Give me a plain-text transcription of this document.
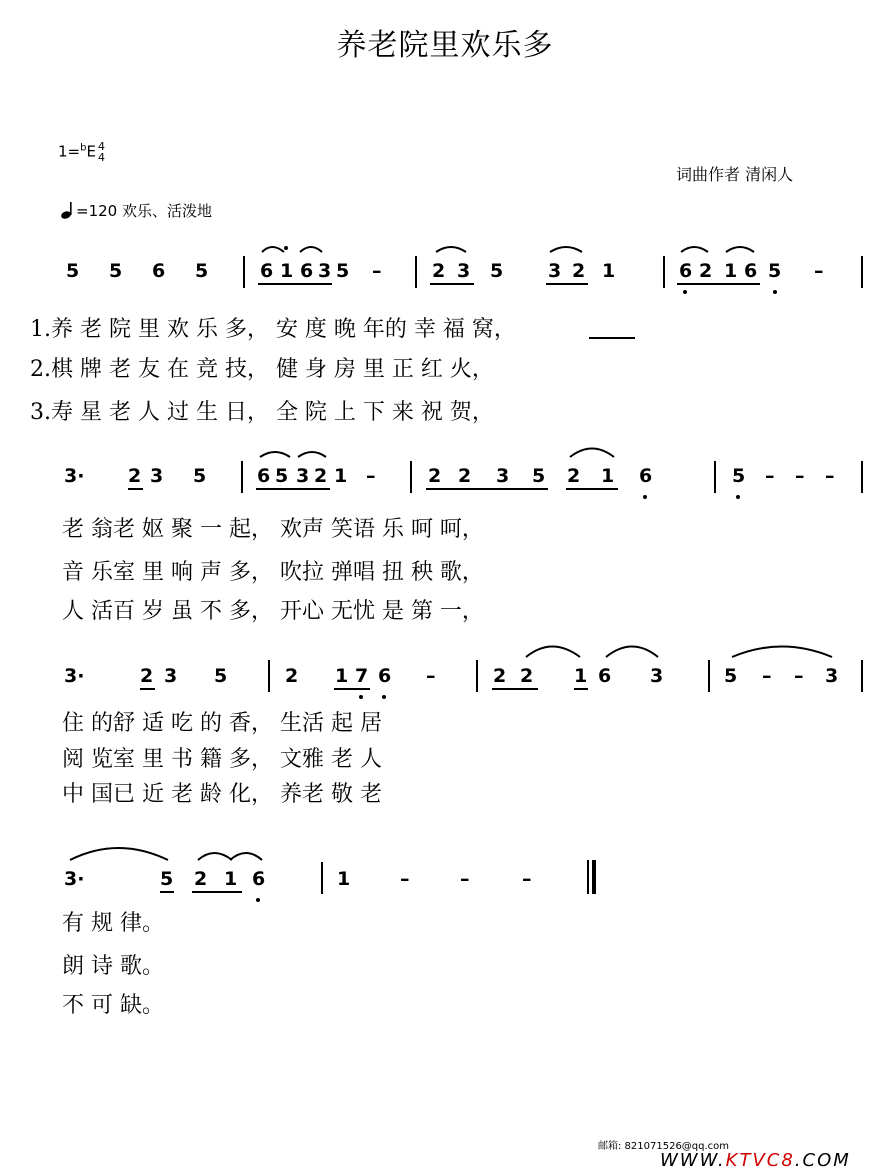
养老院里欢乐多
1=$^b$E 4
4
词曲作者 清闲人
=120 欢乐、活泼地
5 5 6 5	6 1 6 3 5 –	2 3 5 3 2 1	6 2 1 6 5 –
1.养 老 院 里 欢 乐 多， 安 度 晚 年的 幸 福 窝，
2.棋 牌 老 友 在 竞 技， 健 身 房 里 正 红 火，
3.寿 星 老 人 过 生 日， 全 院 上 下 来 祝 贺，
3· 2 3 5	6 5 3 2 1 –	2 2 3 5 2 1 6	5 – – –
老 翁老 妪 聚 一 起， 欢声 笑语 乐 呵 呵，
音 乐室 里 响 声 多， 吹拉 弹唱 扭 秧 歌，
人 活百 岁 虽 不 多， 开心 无忧 是 第 一，
3·	2 3 5	2 1 7 6 –	2 2 1 6 3	5 – – 3
住 的舒 适 吃 的 香， 生活 起 居
阅 览室 里 书 籍 多， 文雅 老 人
中 国已 近 老 龄 化， 养老 敬 老
3·	5 2 1 6	1	–	–	–
有 规 律。
朗 诗 歌。
不 可 缺。
邮箱: 821071526@qq.com
WWW.KTVC8.COM
